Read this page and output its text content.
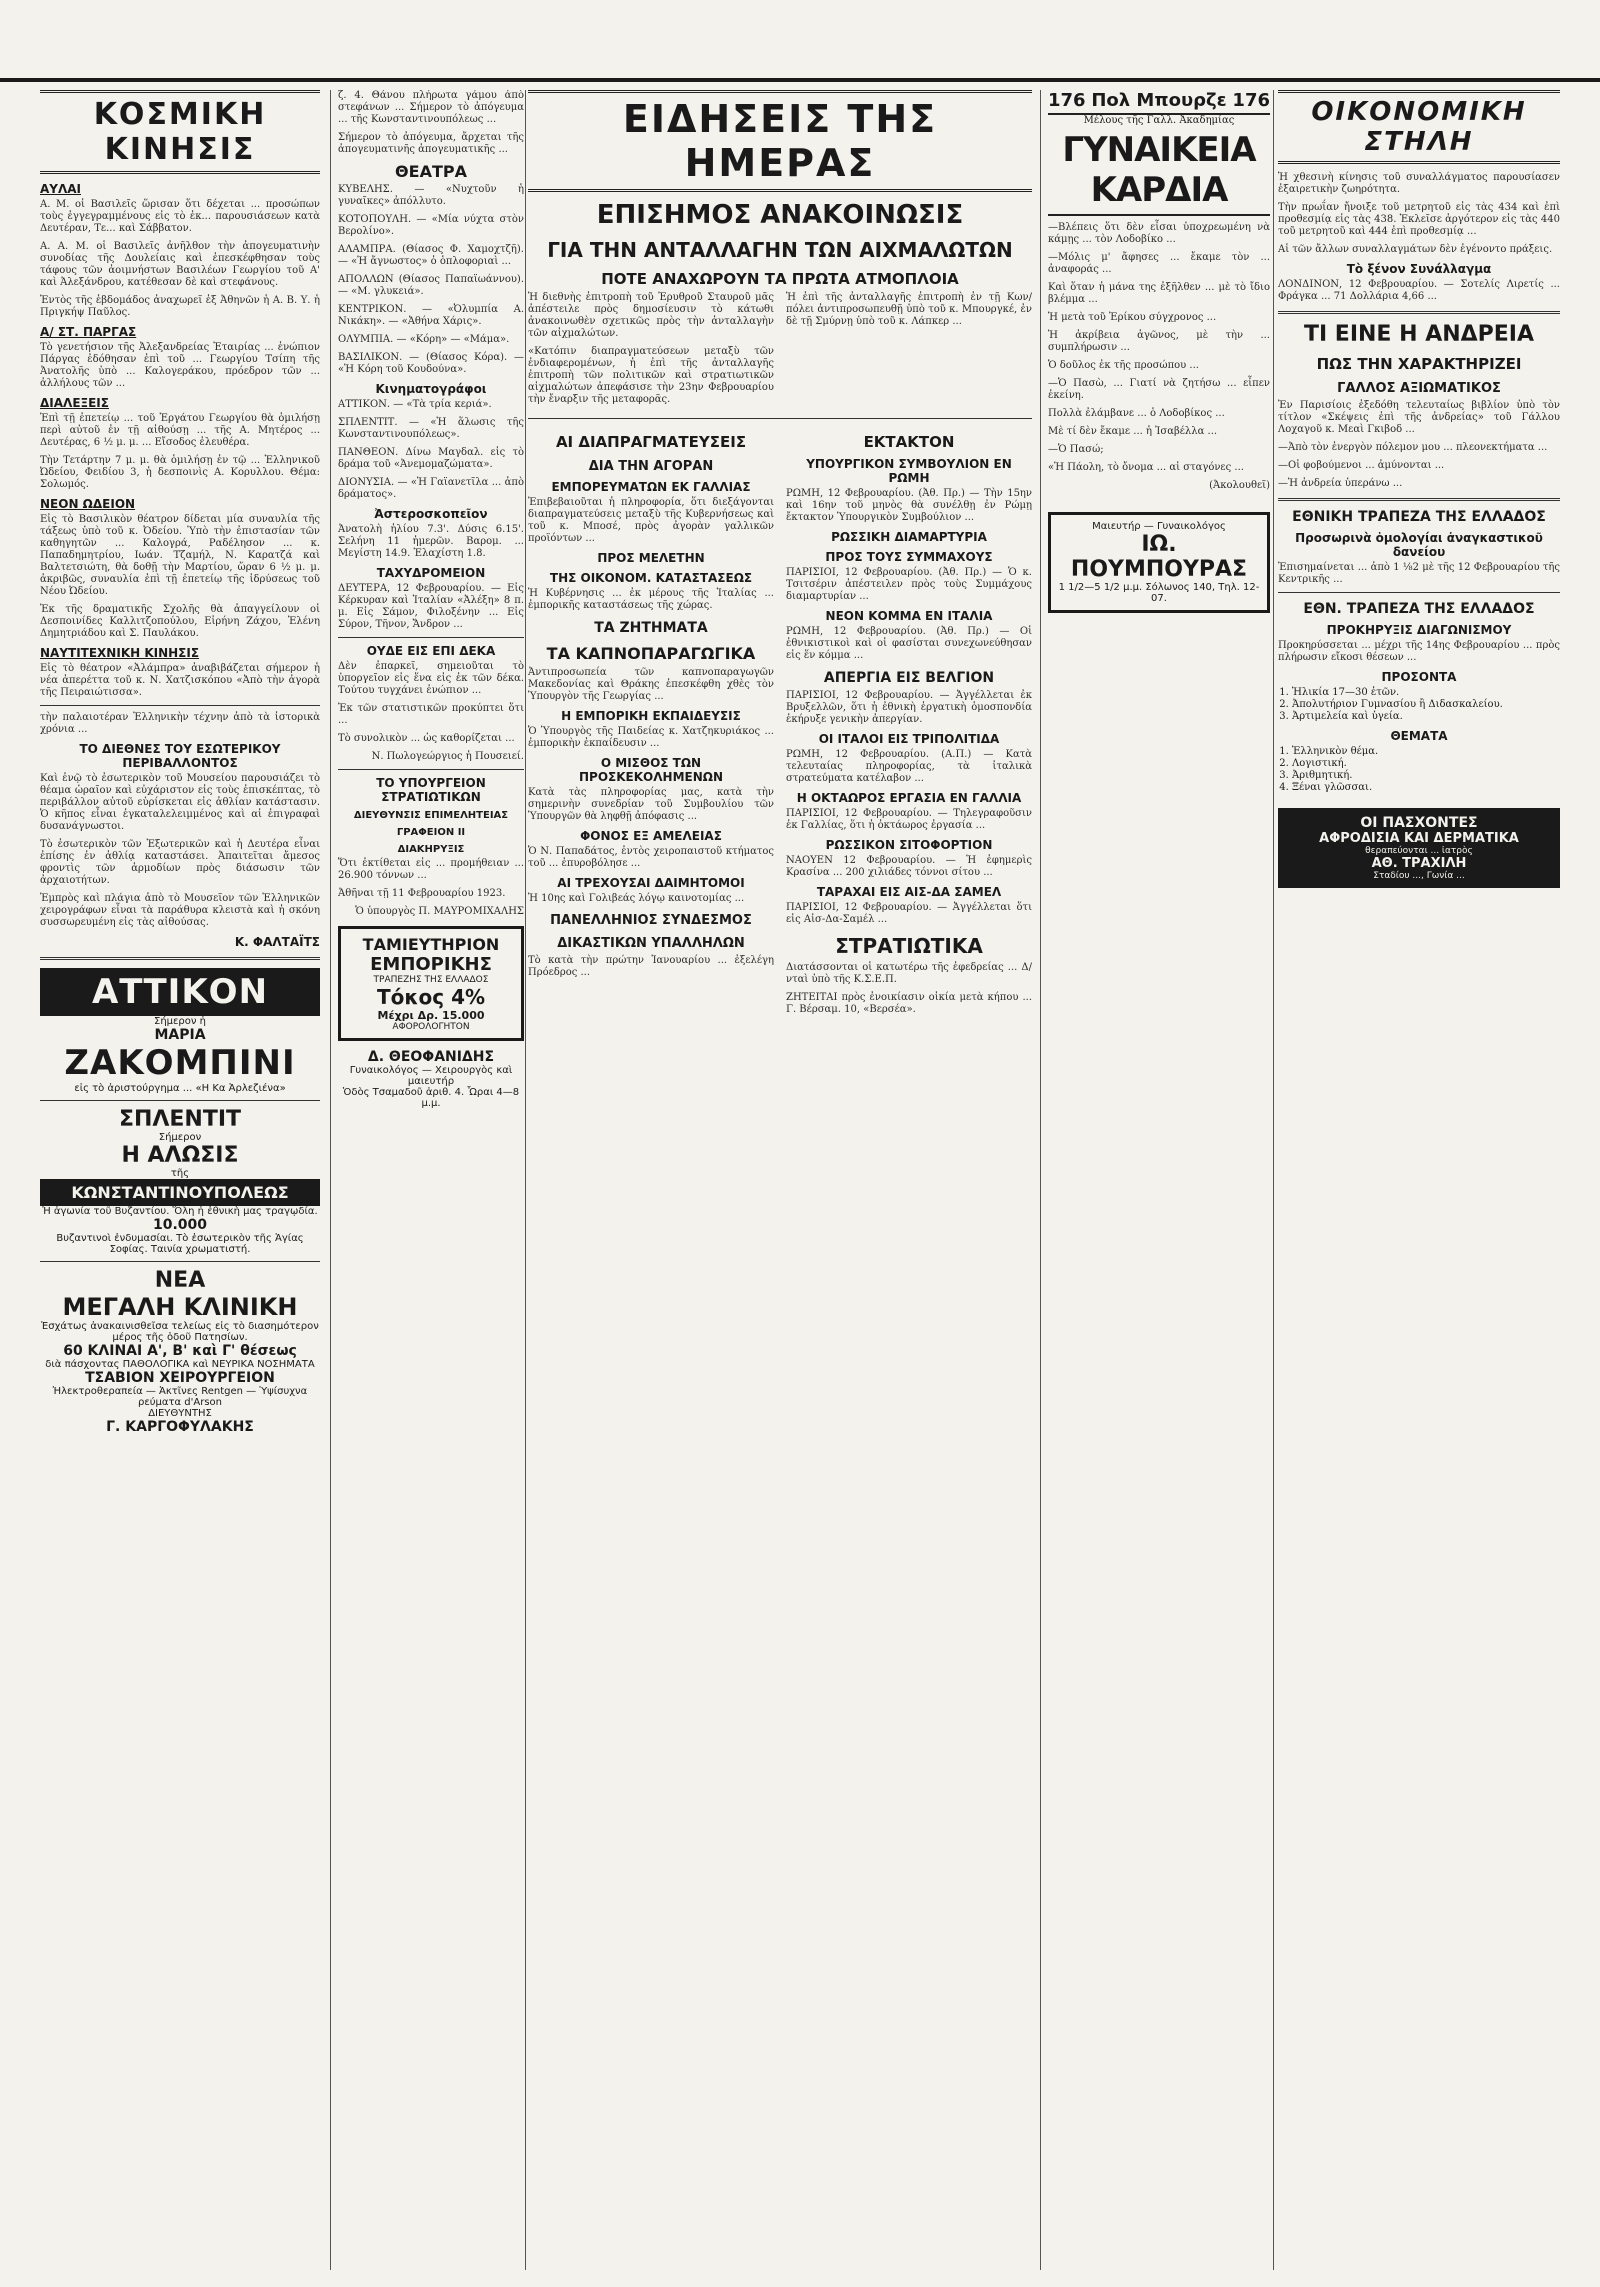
ΚΟΣΜΙΚΗ ΚΙΝΗΣΙΣ
ΑΥΛΑΙ

Α. Μ. οἱ Βασιλεῖς ὥρισαν ὅτι δέχεται ... προσώπων τοὺς ἐγγεγραμμένους εἰς τὸ ἐκ... παρουσιάσεων κατὰ Δευτέραν, Τε... καὶ Σάββατον.

Α. Α. Μ. οἱ Βασιλεῖς ἀνῆλθον τὴν ἀπογευματινὴν συνοδίας τῆς Δουλείαις καὶ ἐπεσκέφθησαν τοὺς τάφους τῶν ἀοιμνήστων Βασιλέων Γεωργίου τοῦ Α' καὶ Ἀλεξάνδρου, κατέθεσαν δὲ καὶ στεφάνους.

Ἐντὸς τῆς ἑβδομάδος ἀναχωρεῖ ἐξ Ἀθηνῶν ἡ Α. Β. Υ. ἡ Πριγκήψ Παῦλος.

Α/ ΣΤ. ΠΑΡΓΑΣ

Τὸ γενετήσιον τῆς Ἀλεξανδρείας Ἑταιρίας ... ἐνώπιον Πάργας ἐδόθησαν ἐπὶ τοῦ ... Γεωργίου Τσίπη τῆς Ἀνατολῆς ὑπὸ ... Καλογεράκου, πρόεδρον τῶν ... ἀλλήλους τῶν ...

ΔΙΑΛΕΞΕΙΣ

Ἐπὶ τῇ ἐπετείῳ ... τοῦ Ἐργάτου Γεωργίου θὰ ὁμιλήσῃ περὶ αὐτοῦ ἐν τῇ αἰθούσῃ ... τῆς Α. Μητέρος ... Δευτέρας, 6 ½ μ. μ. ... Εἴσοδος ἐλευθέρα.

Τὴν Τετάρτην 7 μ. μ. θὰ ὁμιλήσῃ ἐν τῷ ... Ἑλληνικοῦ Ὠδείου, Φειδίου 3, ἡ δεσποινὶς Α. Κορυλλου. Θέμα: Σολωμός.

ΝΕΟΝ ΩΔΕΙΟΝ

Εἰς τὸ Βασιλικὸν θέατρον δίδεται μία συναυλία τῆς τάξεως ὑπὸ τοῦ κ. Ὀδείου. Ὑπὸ τὴν ἐπιστασίαν τῶν καθηγητῶν ... Καλογρά, Ραδέλησον ... κ. Παπαδημητρίου, Ιωάν. Τζαμήλ, Ν. Καρατζά καὶ Βαλτετσιώτη, θὰ δοθῇ τὴν Μαρτίου, ὥραν 6 ½ μ. μ. ἀκριβῶς, συναυλία ἐπὶ τῇ ἐπετείῳ τῆς ἰδρύσεως τοῦ Νέου Ὠδείου.

Ἐκ τῆς δραματικῆς Σχολῆς θὰ ἀπαγγείλουν οἱ Δεσποινίδες Καλλιτζοπούλου, Εἰρήνη Ζάχου, Ἑλένη Δημητριάδου καὶ Σ. Παυλάκου.

ΝΑΥΤΙΤΕΧΝΙΚΗ ΚΙΝΗΣΙΣ

Εἰς τὸ θέατρον «Ἀλάμπρα» ἀναβιβάζεται σήμερον ἡ νέα ἀπερέττα τοῦ κ. Ν. Χατζισκόπου «Ἀπὸ τὴν ἀγορὰ τῆς Πειραιώτισσα».

τὴν παλαιοτέραν Ἑλληνικὴν τέχνην ἀπὸ τὰ ἱστορικὰ χρόνια ...

ΤΟ ΔΙΕΘΝΕΣ ΤΟΥ ΕΣΩΤΕΡΙΚΟΥ ΠΕΡΙΒΑΛΛΟΝΤΟΣ

Καὶ ἐνῷ τὸ ἐσωτερικὸν τοῦ Μουσείου παρουσιάζει τὸ θέαμα ὡραῖον καὶ εὐχάριστον εἰς τοὺς ἐπισκέπτας, τὸ περιβάλλον αὐτοῦ εὑρίσκεται εἰς ἀθλίαν κατάστασιν. Ὁ κῆπος εἶναι ἐγκαταλελειμμένος καὶ αἱ ἐπιγραφαὶ δυσανάγνωστοι.

Τὸ ἐσωτερικὸν τῶν Ἐξωτερικῶν καὶ ἡ Δευτέρα εἶναι ἐπίσης ἐν ἀθλίᾳ καταστάσει. Ἀπαιτεῖται ἄμεσος φροντὶς τῶν ἁρμοδίων πρὸς διάσωσιν τῶν ἀρχαιοτήτων.

Ἐμπρὸς καὶ πλάγια ἀπὸ τὸ Μουσεῖον τῶν Ἑλληνικῶν χειρογράφων εἶναι τὰ παράθυρα κλειστὰ καὶ ἡ σκόνη συσσωρευμένη εἰς τὰς αἰθούσας.

Κ. ΦΑΛΤΑΪΤΣ
ΑΤΤΙΚΟΝ
Σήμερον ἡ
ΜΑΡΙΑ
ΖΑΚΟΜΠΙΝΙ
εἰς τὸ ἀριστούργημα ... «Η Κα Ἀρλεζιένα»
ΣΠΛΕΝΤΙΤ
Σήμερον
Η ΑΛΩΣΙΣ
τῆς
ΚΩΝΣΤΑΝΤΙΝΟΥΠΟΛΕΩΣ
Ἡ ἀγωνία τοῦ Βυζαντίου. Ὅλη ἡ ἐθνικὴ μας τραγῳδία.
10.000
Βυζαντινοὶ ἐνδυμασίαι. Τὸ ἐσωτερικὸν τῆς Ἁγίας Σοφίας. Ταινία χρωματιστή.
ΝΕΑ
ΜΕΓΑΛΗ ΚΛΙΝΙΚΗ
Ἐσχάτως ἀνακαινισθεῖσα τελείως εἰς τὸ διασημότερον μέρος τῆς ὁδοῦ Πατησίων.
60 ΚΛΙΝΑΙ Α', Β' καὶ Γ' θέσεως
διὰ πάσχοντας ΠΑΘΟΛΟΓΙΚΑ καὶ ΝΕΥΡΙΚΑ ΝΟΣΗΜΑΤΑ
ΤΣΑΒΙΟΝ ΧΕΙΡΟΥΡΓΕΙΟΝ
Ἠλεκτροθεραπεία — Ἀκτῖνες Rentgen — Ὑψίσυχνα ρεύματα d'Arson
ΔΙΕΥΘΥΝΤΗΣ
Γ. ΚΑΡΓΟΦΥΛΑΚΗΣ

ζ. 4. Θάνου πλήρωτα γάμου ἀπὸ στεφάνων ... Σήμερον τὸ ἀπόγευμα ... τῆς Κωνσταντινουπόλεως ...

Σήμερον τὸ ἀπόγευμα, ἄρχεται τῆς ἀπογευματινῆς ἀπογευματικῆς ...

ΘΕΑΤΡΑ

ΚΥΒΕΛΗΣ. — «Νυχτοῦν ἡ γυναῖκες» ἀπόλλυτο.

ΚΟΤΟΠΟΥΛΗ. — «Μία νύχτα στὸν Βερολίνο».

ΑΛΑΜΠΡΑ. (Θίασος Φ. Χαμοχτζῆ). — «Ἡ ἄγνωστος» ὁ ὁπλοφοριαὶ ...

ΑΠΟΛΛΩΝ (Θίασος Παπαϊωάννου). — «Μ. γλυκειά».

ΚΕΝΤΡΙΚΟΝ. — «Ὀλυμπία Α. Νικάκη». — «Ἀθήνα Χάρις».

ΟΛΥΜΠΙΑ. — «Κόρη» — «Μάμα».

ΒΑΣΙΛΙΚΟΝ. — (Θίασος Κόρα). — «Ἡ Κόρη τοῦ Κουδούνα».

Κινηματογράφοι

ΑΤΤΙΚΟΝ. — «Τὰ τρία κεριά».

ΣΠΛΕΝΤΙΤ. — «Ἡ ἅλωσις τῆς Κωνσταντινουπόλεως».

ΠΑΝΘΕΟΝ. Δίνω Μαγδαλ. εἰς τὸ δράμα τοῦ «Ἀνεμομαζώματα».

ΔΙΟΝΥΣΙΑ. — «Ἡ Γαϊανετῖλα ... ἀπὸ δράματος».

Ἀστεροσκοπεῖον

Ἀνατολὴ ἡλίου 7.3'. Δύσις 6.15'. Σελήνη 11 ἡμερῶν. Βαρομ. ... Μεγίστη 14.9. Ἐλαχίστη 1.8.

ΤΑΧΥΔΡΟΜΕΙΟΝ

ΔΕΥΤΕΡΑ, 12 Φεβρουαρίου. — Εἰς Κέρκυραν καὶ Ἰταλίαν «Ἀλέξη» 8 π. μ. Εἰς Σάμον, Φιλοξένην ... Εἰς Σύρον, Τῆνον, Ἄνδρον ...

ΟΥΔΕ ΕΙΣ ΕΠΙ ΔΕΚΑ

Δὲν ἐπαρκεῖ, σημειοῦται τὸ ὑποργεῖον εἰς ἕνα εἰς ἐκ τῶν δέκα. Τούτου τυγχάνει ἐνώπιον ...

Ἐκ τῶν στατιστικῶν προκύπτει ὅτι ...

Τὸ συνολικὸν ... ὡς καθορίζεται ...

Ν. Πωλογεώργιος ἡ Πουσειεί.

ΤΟ ΥΠΟΥΡΓΕΙΟΝ ΣΤΡΑΤΙΩΤΙΚΩΝ
ΔΙΕΥΘΥΝΣΙΣ ΕΠΙΜΕΛΗΤΕΙΑΣ
ΓΡΑΦΕΙΟΝ ΙΙ
ΔΙΑΚΗΡΥΞΙΣ

Ὅτι ἐκτίθεται εἰς ... προμήθειαν ... 26.900 τόννων ...

Ἀθῆναι τῇ 11 Φεβρουαρίου 1923.

Ὁ ὑπουργὸς Π. ΜΑΥΡΟΜΙΧΑΛΗΣ

ΤΑΜΙΕΥΤΗΡΙΟΝ
ΕΜΠΟΡΙΚΗΣ
ΤΡΑΠΕΖΗΣ ΤΗΣ ΕΛΛΑΔΟΣ
Τόκος 4%
Μέχρι Δρ. 15.000
ΑΦΟΡΟΛΟΓΗΤΟΝ
Δ. ΘΕΟΦΑΝΙΔΗΣ
Γυναικολόγος — Χειρουργὸς καὶ μαιευτήρ
Ὁδὸς Τσαμαδοῦ ἀριθ. 4. Ὧραι 4—8 μ.μ.
ΕΙΔΗΣΕΙΣ ΤΗΣ ΗΜΕΡΑΣ
ΕΠΙΣΗΜΟΣ ΑΝΑΚΟΙΝΩΣΙΣ
ΓΙΑ ΤΗΝ ΑΝΤΑΛΛΑΓΗΝ ΤΩΝ ΑΙΧΜΑΛΩΤΩΝ
ΠΟΤΕ ΑΝΑΧΩΡΟΥΝ ΤΑ ΠΡΩΤΑ ΑΤΜΟΠΛΟΙΑ

Ἡ διεθνὴς ἐπιτροπὴ τοῦ Ἐρυθροῦ Σταυροῦ μᾶς ἀπέστειλε πρὸς δημοσίευσιν τὸ κάτωθι ἀνακοινωθὲν σχετικῶς πρὸς τὴν ἀνταλλαγὴν τῶν αἰχμαλώτων.

«Κατόπιν διαπραγματεύσεων μεταξὺ τῶν ἐνδιαφερομένων, ἡ ἐπὶ τῆς ἀνταλλαγῆς ἐπιτροπὴ τῶν πολιτικῶν καὶ στρατιωτικῶν αἰχμαλώτων ἀπεφάσισε τὴν 23ην Φεβρουαρίου τὴν ἔναρξιν τῆς μεταφορᾶς.

Ἡ ἐπὶ τῆς ἀνταλλαγῆς ἐπιτροπὴ ἐν τῇ Κων/πόλει ἀντιπροσωπευθῇ ὑπὸ τοῦ κ. Μπουργκέ, ἐν δὲ τῇ Σμύρνῃ ὑπὸ τοῦ κ. Λάπκερ ...

ΑΙ ΔΙΑΠΡΑΓΜΑΤΕΥΣΕΙΣ
ΔΙΑ ΤΗΝ ΑΓΟΡΑΝ
ΕΜΠΟΡΕΥΜΑΤΩΝ ΕΚ ΓΑΛΛΙΑΣ

Ἐπιβεβαιοῦται ἡ πληροφορία, ὅτι διεξάγονται διαπραγματεύσεις μεταξὺ τῆς Κυβερνήσεως καὶ τοῦ κ. Μποσέ, πρὸς ἀγορὰν γαλλικῶν προϊόντων ...

ΠΡΟΣ ΜΕΛΕΤΗΝ
ΤΗΣ ΟΙΚΟΝΟΜ. ΚΑΤΑΣΤΑΣΕΩΣ

Ἡ Κυβέρνησις ... ἐκ μέρους τῆς Ἰταλίας ... ἐμπορικῆς καταστάσεως τῆς χώρας.

ΤΑ ΖΗΤΗΜΑΤΑ
ΤΑ ΚΑΠΝΟΠΑΡΑΓΩΓΙΚΑ

Ἀντιπροσωπεία τῶν καπνοπαραγωγῶν Μακεδονίας καὶ Θράκης ἐπεσκέφθη χθὲς τὸν Ὑπουργὸν τῆς Γεωργίας ...

Η ΕΜΠΟΡΙΚΗ ΕΚΠΑΙΔΕΥΣΙΣ

Ὁ Ὑπουργὸς τῆς Παιδείας κ. Χατζηκυριάκος ... ἐμπορικὴν ἐκπαίδευσιν ...

Ο ΜΙΣΘΟΣ ΤΩΝ ΠΡΟΣΚΕΚΟΛΗΜΕΝΩΝ

Κατὰ τὰς πληροφορίας μας, κατὰ τὴν σημερινὴν συνεδρίαν τοῦ Συμβουλίου τῶν Ὑπουργῶν θὰ ληφθῇ ἀπόφασις ...

ΦΟΝΟΣ ΕΞ ΑΜΕΛΕΙΑΣ

Ὁ Ν. Παπαδάτος, ἐντὸς χειροπαιστοῦ κτήματος τοῦ ... ἐπυροβόλησε ...

ΑΙ ΤΡΕΧΟΥΣΑΙ ΔΑΙΜΗΤΟΜΟΙ

Ἡ 10ης καὶ Γολιβεάς λόγῳ καινοτομίας ...

ΠΑΝΕΛΛΗΝΙΟΣ ΣΥΝΔΕΣΜΟΣ
ΔΙΚΑΣΤΙΚΩΝ ΥΠΑΛΛΗΛΩΝ

Τὸ κατὰ τὴν πρώτην Ἰανουαρίου ... ἐξελέγη Πρόεδρος ...

ΕΚΤΑΚΤΟΝ
ΥΠΟΥΡΓΙΚΟΝ ΣΥΜΒΟΥΛΙΟΝ ΕΝ ΡΩΜΗ

ΡΩΜΗ, 12 Φεβρουαρίου. (Ἀθ. Πρ.) — Τὴν 15ην καὶ 16ην τοῦ μηνὸς θὰ συνέλθῃ ἐν Ρώμῃ ἔκτακτον Ὑπουργικὸν Συμβούλιον ...

ΡΩΣΣΙΚΗ ΔΙΑΜΑΡΤΥΡΙΑ
ΠΡΟΣ ΤΟΥΣ ΣΥΜΜΑΧΟΥΣ

ΠΑΡΙΣΙΟΙ, 12 Φεβρουαρίου. (Ἀθ. Πρ.) — Ὁ κ. Τσιτσέριν ἀπέστειλεν πρὸς τοὺς Συμμάχους διαμαρτυρίαν ...

ΝΕΟΝ ΚΟΜΜΑ ΕΝ ΙΤΑΛΙΑ

ΡΩΜΗ, 12 Φεβρουαρίου. (Ἀθ. Πρ.) — Οἱ ἐθνικιστικοὶ καὶ οἱ φασίσται συνεχωνεύθησαν εἰς ἕν κόμμα ...

ΑΠΕΡΓΙΑ ΕΙΣ ΒΕΛΓΙΟΝ

ΠΑΡΙΣΙΟΙ, 12 Φεβρουαρίου. — Ἀγγέλλεται ἐκ Βρυξελλῶν, ὅτι ἡ ἐθνικὴ ἐργατικὴ ὁμοσπονδία ἐκήρυξε γενικὴν ἀπεργίαν.

ΟΙ ΙΤΑΛΟΙ ΕΙΣ ΤΡΙΠΟΛΙΤΙΔΑ

ΡΩΜΗ, 12 Φεβρουαρίου. (Α.Π.) — Κατὰ τελευταίας πληροφορίας, τὰ ἰταλικὰ στρατεύματα κατέλαβον ...

Η ΟΚΤΑΩΡΟΣ ΕΡΓΑΣΙΑ ΕΝ ΓΑΛΛΙΑ

ΠΑΡΙΣΙΟΙ, 12 Φεβρουαρίου. — Τηλεγραφοῦσιν ἐκ Γαλλίας, ὅτι ἡ ὀκτάωρος ἐργασία ...

ΡΩΣΣΙΚΟΝ ΣΙΤΟΦΟΡΤΙΟΝ

ΝΑΟΥΕΝ 12 Φεβρουαρίου. — Ἡ ἐφημερὶς Κρασίνα ... 200 χιλιάδες τόννοι σίτου ...

ΤΑΡΑΧΑΙ ΕΙΣ ΑΙΣ-ΔΑ ΣΑΜΕΛ

ΠΑΡΙΣΙΟΙ, 12 Φεβρουαρίου. — Ἀγγέλλεται ὅτι εἰς Αἰσ-Δα-Σαμέλ ...

ΣΤΡΑΤΙΩΤΙΚΑ

Διατάσσονται οἱ κατωτέρω τῆς ἐφεδρείας ... Δ/νταὶ ὑπὸ τῆς Κ.Σ.Ε.Π.

ΖΗΤΕΙΤΑΙ πρὸς ἐνοικίασιν οἰκία μετὰ κήπου ... Γ. Βέρσαμ. 10, «Βερσέα».

176 Πολ Μπουρζε 176
Μέλους τῆς Γαλλ. Ἀκαδημίας
ΓΥΝΑΙΚΕΙΑ ΚΑΡΔΙΑ

—Βλέπεις ὅτι δὲν εἶσαι ὑποχρεωμένη νὰ κάμῃς ... τὸν Λοδοβίκο ...

—Μόλις μ' ἄφησες ... ἔκαμε τὸν ... ἀναφοράς ...

Καὶ ὅταν ἡ μάνα της ἐξῆλθεν ... μὲ τὸ ἴδιο βλέμμα ...

Ἡ μετὰ τοῦ Ἐρίκου σύγχρονος ...

Ἡ ἀκρίβεια ἀγῶνος, μὲ τὴν ... συμπλήρωσιν ...

Ὁ δοῦλος ἐκ τῆς προσώπου ...

—Ὁ Πασὼ, ... Γιατί νὰ ζητήσω ... εἶπεν ἐκείνη.

Πολλὰ ἐλάμβανε ... ὁ Λοδοβίκος ...

Μὲ τί δὲν ἔκαμε ... ἡ Ἰσαβέλλα ...

—Ὁ Πασώ;

«Ἡ Πάολη, τὸ ὄνομα ... αἱ σταγόνες ...

(Ἀκολουθεῖ)

Μαιευτήρ — Γυναικολόγος
ΙΩ. ΠΟΥΜΠΟΥΡΑΣ
1 1/2—5 1/2 μ.μ. Σόλωνος 140, Τηλ. 12-07.
ΟΙΚΟΝΟΜΙΚΗ ΣΤΗΛΗ

Ἡ χθεσινὴ κίνησις τοῦ συναλλάγματος παρουσίασεν ἐξαιρετικὴν ζωηρότητα.

Τὴν πρωΐαν ἤνοιξε τοῦ μετρητοῦ εἰς τὰς 434 καὶ ἐπὶ προθεσμίᾳ εἰς τὰς 438. Ἐκλεῖσε ἀργότερον εἰς τὰς 440 τοῦ μετρητοῦ καὶ 444 ἐπὶ προθεσμίᾳ ...

Αἱ τῶν ἄλλων συναλλαγμάτων δὲν ἐγένοντο πράξεις.

Τὸ ξένον Συνάλλαγμα

ΛΟΝΔΙΝΟΝ, 12 Φεβρουαρίου. — Σοτελίς Λιρετίς ... Φράγκα ... 71 Δολλάρια 4,66 ...

ΤΙ ΕΙΝΕ Η ΑΝΔΡΕΙΑ
ΠΩΣ ΤΗΝ ΧΑΡΑΚΤΗΡΙΖΕΙ
ΓΑΛΛΟΣ ΑΞΙΩΜΑΤΙΚΟΣ

Ἐν Παρισίοις ἐξεδόθη τελευταίως βιβλίον ὑπὸ τὸν τίτλον «Σκέψεις ἐπὶ τῆς ἀνδρείας» τοῦ Γάλλου Λοχαγοῦ κ. Μεαὶ Γκιβοδ ...

—Ἀπὸ τὸν ἐνεργὸν πόλεμον μου ... πλεονεκτήματα ...

—Οἱ φοβούμενοι ... ἀμύνονται ...

—Ἡ ἀνδρεία ὑπεράνω ...

ΕΘΝΙΚΗ ΤΡΑΠΕΖΑ ΤΗΣ ΕΛΛΑΔΟΣ
Προσωρινὰ ὁμολογίαι ἀναγκαστικοῦ δανείου

Ἐπισημαίνεται ... ἀπὸ 1 ⅛2 μὲ τῆς 12 Φεβρουαρίου τῆς Κεντρικῆς ...

ΕΘΝ. ΤΡΑΠΕΖΑ ΤΗΣ ΕΛΛΑΔΟΣ
ΠΡΟΚΗΡΥΞΙΣ ΔΙΑΓΩΝΙΣΜΟΥ

Προκηρύσσεται ... μέχρι τῆς 14ης Φεβρουαρίου ... πρὸς πλήρωσιν εἴκοσι θέσεων ...

ΠΡΟΣΟΝΤΑ
1. Ἡλικία 17—30 ἐτῶν.
2. Ἀπολυτήριον Γυμνασίου ἢ Διδασκαλείου.
3. Ἀρτιμελεία καὶ ὑγεία.
ΘΕΜΑΤΑ
1. Ἑλληνικὸν θέμα.
2. Λογιστική.
3. Ἀριθμητική.
4. Ξέναι γλῶσσαι.
ΟΙ ΠΑΣΧΟΝΤΕΣ
ΑΦΡΟΔΙΣΙΑ ΚΑΙ ΔΕΡΜΑΤΙΚΑ
θεραπεύονται ... ἰατρὸς
ΑΘ. ΤΡΑΧΙΛΗ
Σταδίου ..., Γωνία ...
